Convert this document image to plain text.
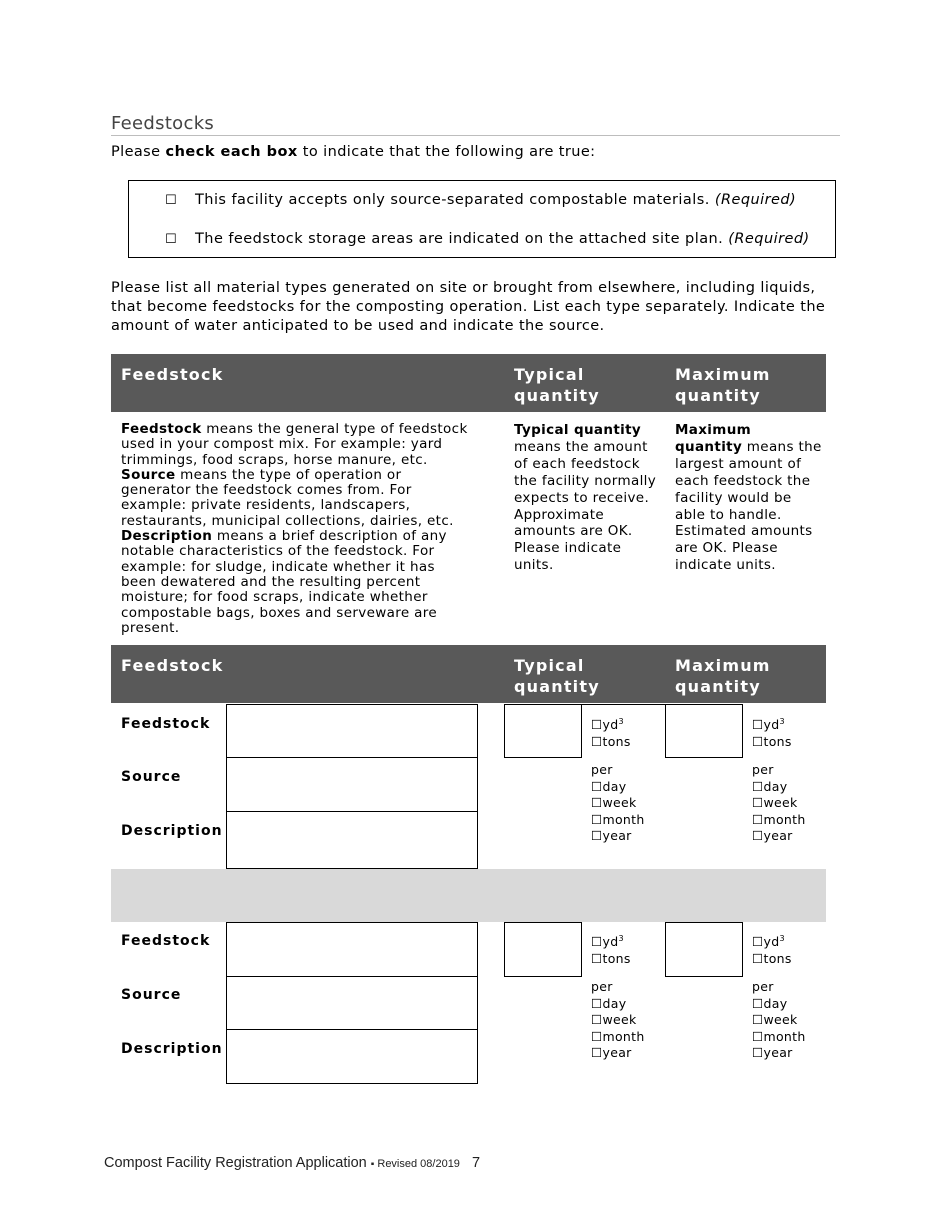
Feedstocks
Please check each box to indicate that the following are true:
☐ This facility accepts only source-separated compostable materials. (Required)
☐ The feedstock storage areas are indicated on the attached site plan. (Required)
Please list all material types generated on site or brought from elsewhere, including liquids, that become feedstocks for the composting operation. List each type separately. Indicate the amount of water anticipated to be used and indicate the source.
Feedstock	Typical quantity
Maximum quantity
Feedstock means the general type of feedstock used in your compost mix. For example: yard trimmings, food scraps, horse manure, etc.
Source means the type of operation or generator the feedstock comes from. For example: private residents, landscapers, restaurants, municipal collections, dairies, etc.
Description means a brief description of any notable characteristics of the feedstock. For example: for sludge, indicate whether it has been dewatered and the resulting percent moisture; for food scraps, indicate whether compostable bags, boxes and serveware are present.
Typical quantity means the amount of each feedstock the facility normally expects to receive. Approximate amounts are OK. Please indicate units.
Maximum quantity means the largest amount of each feedstock the facility would be able to handle. Estimated amounts are OK. Please indicate units.
Feedstock	Typical quantity
Maximum quantity
Feedstock
Source
Description
$☐yd^3$
☐tons
per
☐day
☐week
☐month
☐year
$☐yd^3$
☐tons
per
☐day
☐week
☐month
☐year
Feedstock
Source
Description
$☐yd^3$
☐tons
per
☐day
☐week
☐month
☐year
$☐yd^3$
☐tons
per
☐day
☐week
☐month
☐year
Compost Facility Registration Application ▪ Revised 08/2019 7
